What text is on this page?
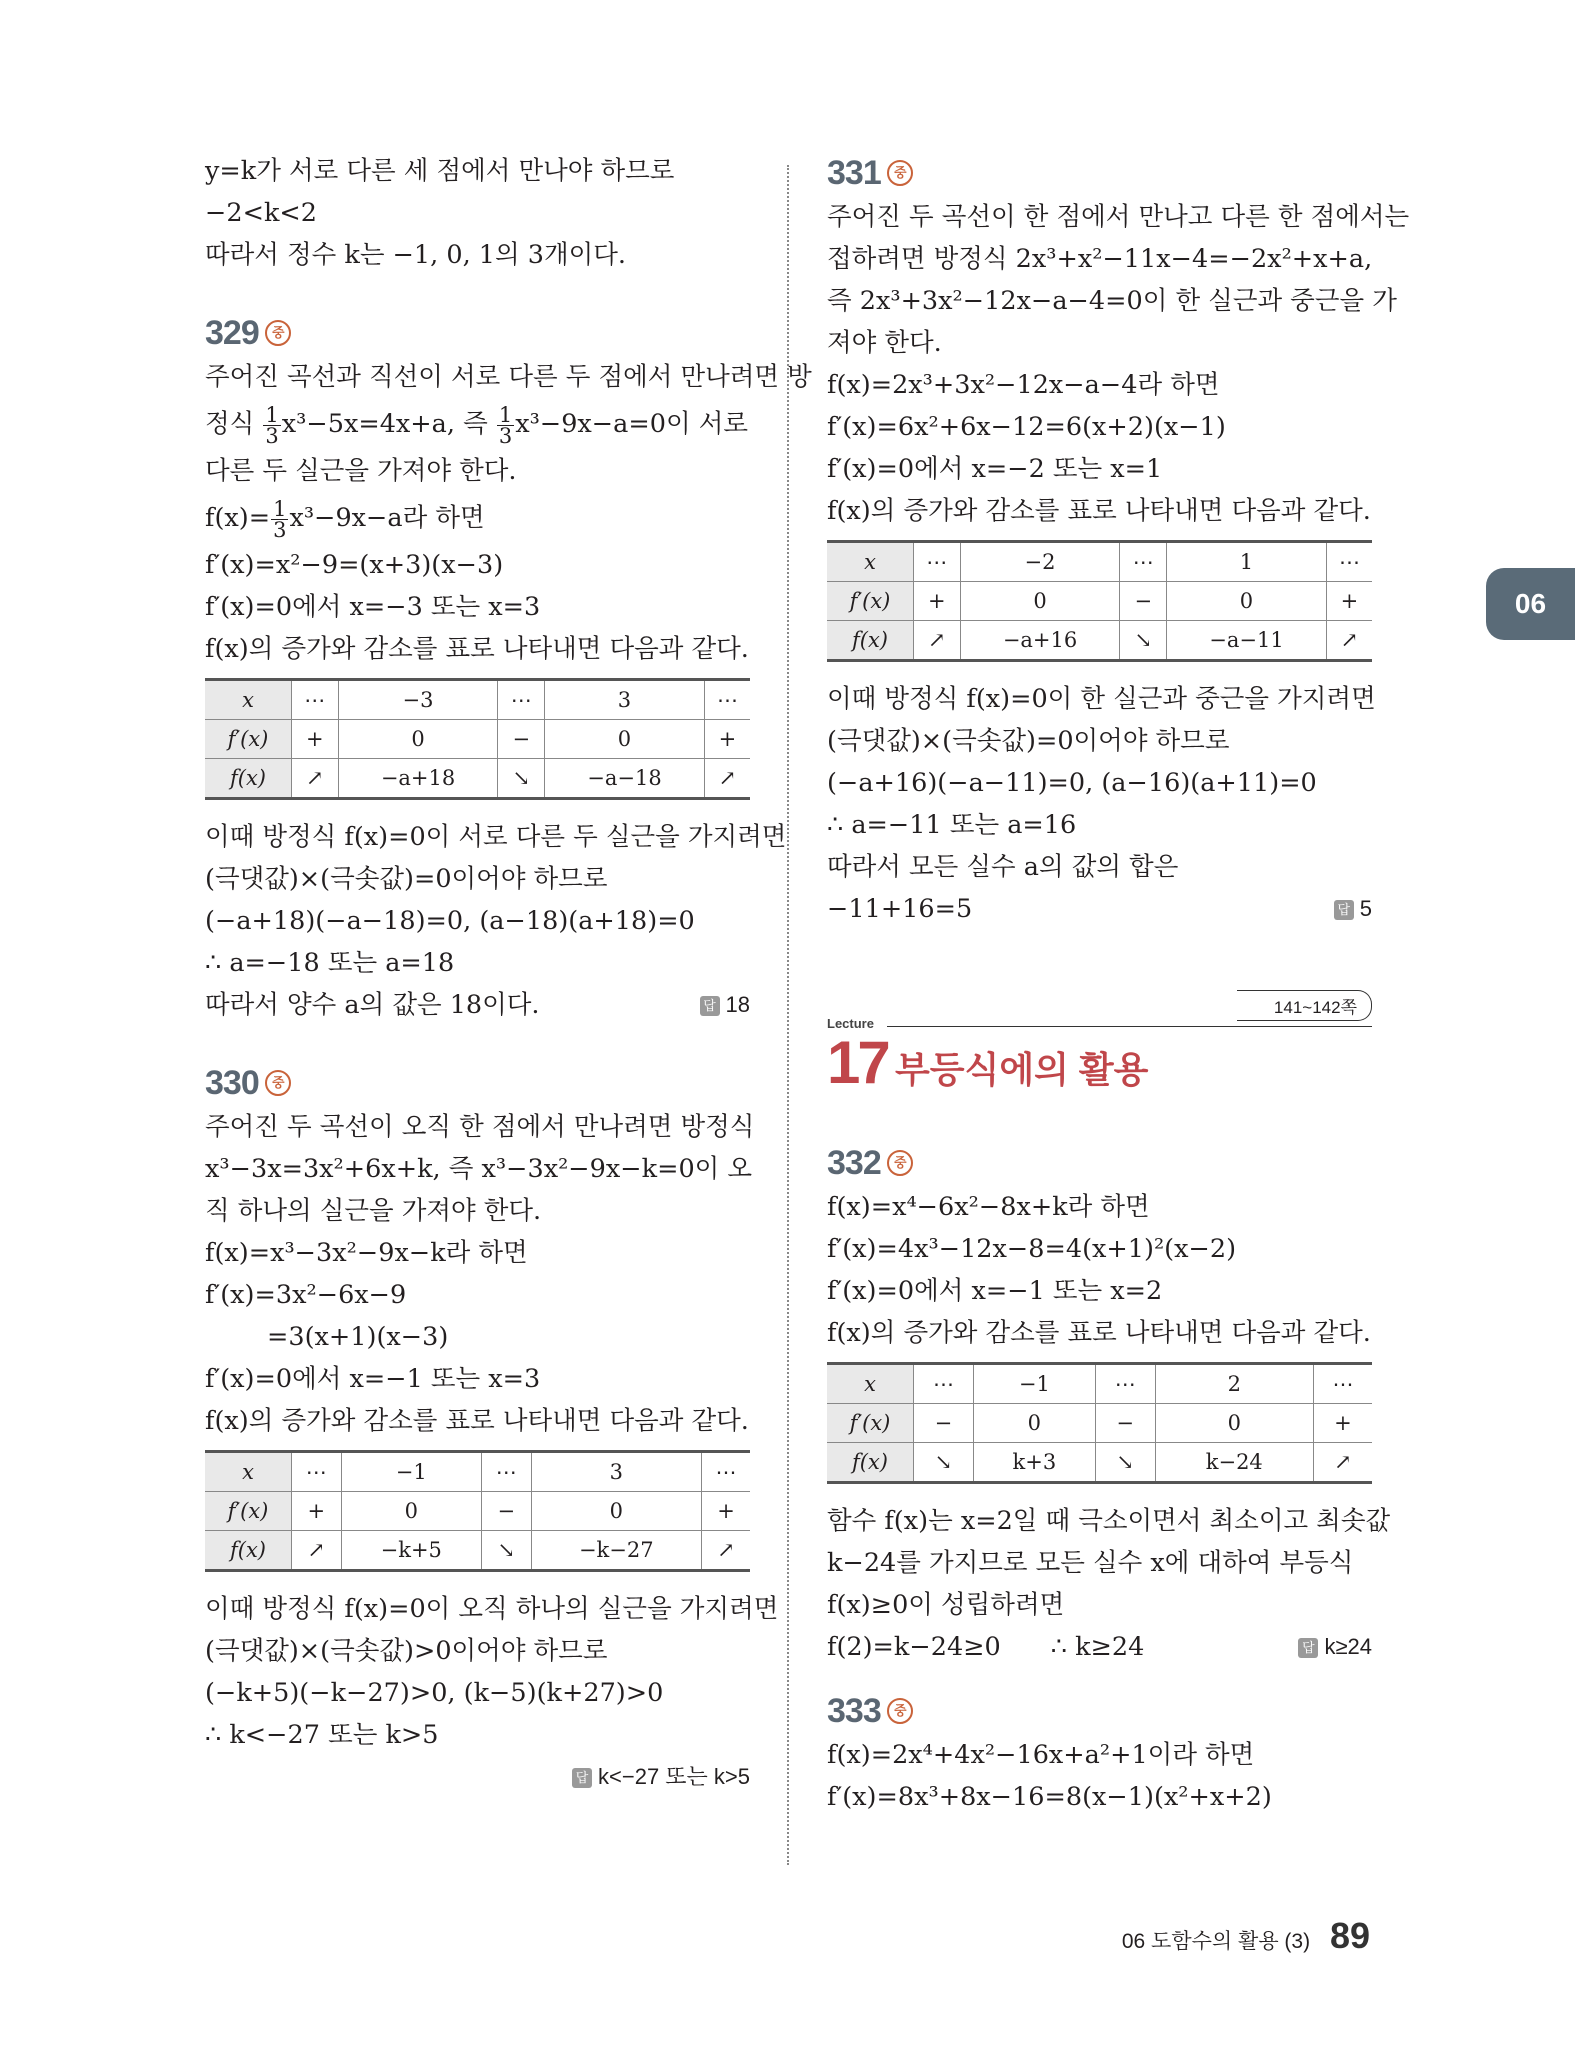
y=k가 서로 다른 세 점에서 만나야 하므로
−2<k<2
따라서 정수 k는 −1, 0, 1의 3개이다.
329	중
주어진 곡선과 직선이 서로 다른 두 점에서 만나려면 방
정식 $\frac{1}{3} x^3-5x=4x+a$, 즉 $\frac{1}{3} x^3-9x-a=0$이 서로
다른 두 실근을 가져야 한다.
$f(x)= \frac{1}{3} x^3-9x-a$라 하면
f′(x)=x²−9=(x+3)(x−3)
f′(x)=0에서 x=−3 또는 x=3
f(x)의 증가와 감소를 표로 나타내면 다음과 같다.
x	⋯	−3	⋯	3	⋯
f′(x)	+	0	−	0	+
f(x)	↗	−a+18	↘	−a−18	↗
이때 방정식 f(x)=0이 서로 다른 두 실근을 가지려면
(극댓값)×(극솟값)=0이어야 하므로
(−a+18)(−a−18)=0, (a−18)(a+18)=0
∴ a=−18 또는 a=18
따라서 양수 a의 값은 18이다.	답 18
330	중
주어진 두 곡선이 오직 한 점에서 만나려면 방정식
x³−3x=3x²+6x+k, 즉 x³−3x²−9x−k=0이 오
직 하나의 실근을 가져야 한다.
f(x)=x³−3x²−9x−k라 하면
f′(x)=3x²−6x−9
=3(x+1)(x−3)
f′(x)=0에서 x=−1 또는 x=3
f(x)의 증가와 감소를 표로 나타내면 다음과 같다.
x	⋯	−1	⋯	3	⋯
f′(x)	+	0	−	0	+
f(x)	↗	−k+5	↘	−k−27	↗
이때 방정식 f(x)=0이 오직 하나의 실근을 가지려면
(극댓값)×(극솟값)>0이어야 하므로
(−k+5)(−k−27)>0, (k−5)(k+27)>0
∴ k<−27 또는 k>5
답 k<−27 또는 k>5
331	중
주어진 두 곡선이 한 점에서 만나고 다른 한 점에서는
접하려면 방정식 2x³+x²−11x−4=−2x²+x+a,
즉 2x³+3x²−12x−a−4=0이 한 실근과 중근을 가
져야 한다.
f(x)=2x³+3x²−12x−a−4라 하면
f′(x)=6x²+6x−12=6(x+2)(x−1)
f′(x)=0에서 x=−2 또는 x=1
f(x)의 증가와 감소를 표로 나타내면 다음과 같다.
x	⋯	−2	⋯	1	⋯
f′(x)	+	0	−	0	+
f(x)	↗	−a+16	↘	−a−11	↗
이때 방정식 f(x)=0이 한 실근과 중근을 가지려면
(극댓값)×(극솟값)=0이어야 하므로
(−a+16)(−a−11)=0, (a−16)(a+11)=0
∴ a=−11 또는 a=16
따라서 모든 실수 a의 값의 합은
−11+16=5	답 5
141~142쪽
Lecture
17 부등식에의 활용
332	중
f(x)=x⁴−6x²−8x+k라 하면
f′(x)=4x³−12x−8=4(x+1)²(x−2)
f′(x)=0에서 x=−1 또는 x=2
f(x)의 증가와 감소를 표로 나타내면 다음과 같다.
x	⋯	−1	⋯	2	⋯
f′(x)	−	0	−	0	+
f(x)	↘	k+3	↘	k−24	↗
함수 f(x)는 x=2일 때 극소이면서 최소이고 최솟값
k−24를 가지므로 모든 실수 x에 대하여 부등식
f(x)≥0이 성립하려면
f(2)=k−24≥0 ∴ k≥24	답 k≥24
333	중
f(x)=2x⁴+4x²−16x+a²+1이라 하면
f′(x)=8x³+8x−16=8(x−1)(x²+x+2)
06
06 도함수의 활용 (3) 89
